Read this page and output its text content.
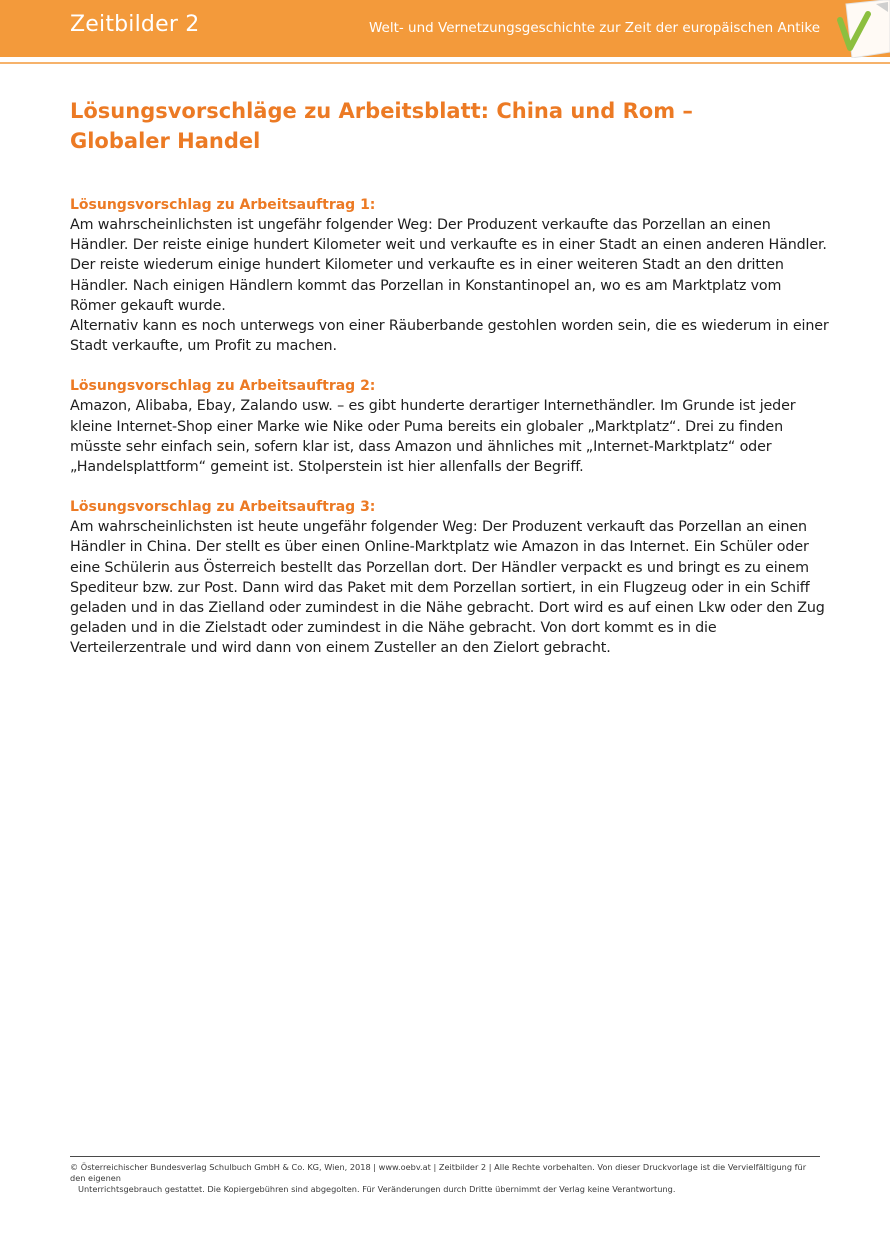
Zeitbilder 2	Welt- und Vernetzungsgeschichte zur Zeit der europäischen Antike
Lösungsvorschläge zu Arbeitsblatt: China und Rom –
Globaler Handel
Lösungsvorschlag zu Arbeitsauftrag 1:

Am wahrscheinlichsten ist ungefähr folgender Weg: Der Produzent verkaufte das Porzellan an einen Händler. Der reiste einige hundert Kilometer weit und verkaufte es in einer Stadt an einen anderen Händler. Der reiste wiederum einige hundert Kilometer und verkaufte es in einer weiteren Stadt an den dritten Händler. Nach einigen Händlern kommt das Porzellan in Konstantinopel an, wo es am Marktplatz vom Römer gekauft wurde.

Alternativ kann es noch unterwegs von einer Räuberbande gestohlen worden sein, die es wiederum in einer Stadt verkaufte, um Profit zu machen.

Lösungsvorschlag zu Arbeitsauftrag 2:

Amazon, Alibaba, Ebay, Zalando usw. – es gibt hunderte derartiger Internethändler. Im Grunde ist jeder kleine Internet-Shop einer Marke wie Nike oder Puma bereits ein globaler „Marktplatz“. Drei zu finden müsste sehr einfach sein, sofern klar ist, dass Amazon und ähnliches mit „Internet-Marktplatz“ oder „Handelsplattform“ gemeint ist. Stolperstein ist hier allenfalls der Begriff.

Lösungsvorschlag zu Arbeitsauftrag 3:

Am wahrscheinlichsten ist heute ungefähr folgender Weg: Der Produzent verkauft das Porzellan an einen Händler in China. Der stellt es über einen Online-Marktplatz wie Amazon in das Internet. Ein Schüler oder eine Schülerin aus Österreich bestellt das Porzellan dort. Der Händler verpackt es und bringt es zu einem Spediteur bzw. zur Post. Dann wird das Paket mit dem Porzellan sortiert, in ein Flugzeug oder in ein Schiff geladen und in das Zielland oder zumindest in die Nähe gebracht. Dort wird es auf einen Lkw oder den Zug geladen und in die Zielstadt oder zumindest in die Nähe gebracht. Von dort kommt es in die Verteilerzentrale und wird dann von einem Zusteller an den Zielort gebracht.

© Österreichischer Bundesverlag Schulbuch GmbH & Co. KG, Wien, 2018 | www.oebv.at | Zeitbilder 2 | Alle Rechte vorbehalten. Von dieser Druckvorlage ist die Vervielfältigung für den eigenen
Unterrichtsgebrauch gestattet. Die Kopiergebühren sind abgegolten. Für Veränderungen durch Dritte übernimmt der Verlag keine Verantwortung.
